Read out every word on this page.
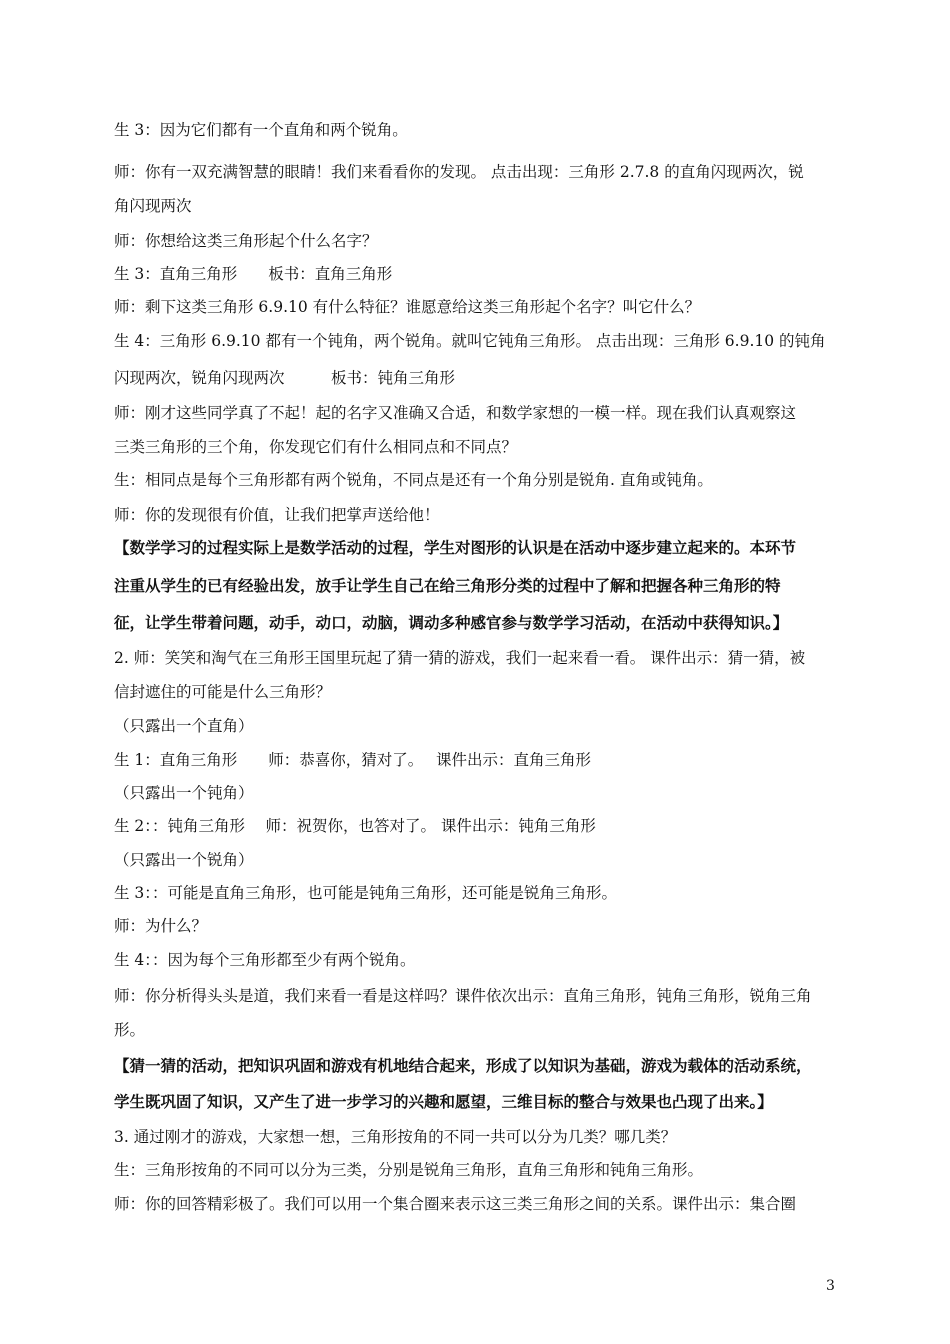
生 3：因为它们都有一个直角和两个锐角。

师：你有一双充满智慧的眼睛！我们来看看你的发现。 点击出现：三角形 2.7.8 的直角闪现两次，锐

角闪现两次

师：你想给这类三角形起个什么名字？

生 3：直角三角形　　板书：直角三角形

师：剩下这类三角形 6.9.10 有什么特征？谁愿意给这类三角形起个名字？叫它什么？

生 4：三角形 6.9.10 都有一个钝角，两个锐角。就叫它钝角三角形。 点击出现：三角形 6.9.10 的钝角

闪现两次，锐角闪现两次　　　板书：钝角三角形

师：刚才这些同学真了不起！起的名字又准确又合适，和数学家想的一模一样。现在我们认真观察这

三类三角形的三个角，你发现它们有什么相同点和不同点？

生：相同点是每个三角形都有两个锐角，不同点是还有一个角分别是锐角. 直角或钝角。

师：你的发现很有价值，让我们把掌声送给他！

【数学学习的过程实际上是数学活动的过程，学生对图形的认识是在活动中逐步建立起来的。本环节

注重从学生的已有经验出发，放手让学生自己在给三角形分类的过程中了解和把握各种三角形的特

征，让学生带着问题，动手，动口，动脑，调动多种感官参与数学学习活动，在活动中获得知识。】

2. 师：笑笑和淘气在三角形王国里玩起了猜一猜的游戏，我们一起来看一看。 课件出示：猜一猜，被

信封遮住的可能是什么三角形？

（只露出一个直角）

生 1：直角三角形　　师：恭喜你，猜对了。　 课件出示：直角三角形

（只露出一个钝角）

生 2：：钝角三角形　 师：祝贺你，也答对了。 课件出示：钝角三角形

（只露出一个锐角）

生 3：：可能是直角三角形，也可能是钝角三角形，还可能是锐角三角形。

师：为什么？

生 4：：因为每个三角形都至少有两个锐角。

师：你分析得头头是道，我们来看一看是这样吗？课件依次出示：直角三角形，钝角三角形，锐角三角

形。

【猜一猜的活动，把知识巩固和游戏有机地结合起来，形成了以知识为基础，游戏为载体的活动系统，

学生既巩固了知识，又产生了进一步学习的兴趣和愿望，三维目标的整合与效果也凸现了出来。】

3. 通过刚才的游戏，大家想一想，三角形按角的不同一共可以分为几类？哪几类？

生：三角形按角的不同可以分为三类，分别是锐角三角形，直角三角形和钝角三角形。

师：你的回答精彩极了。我们可以用一个集合圈来表示这三类三角形之间的关系。课件出示：集合圈

3
